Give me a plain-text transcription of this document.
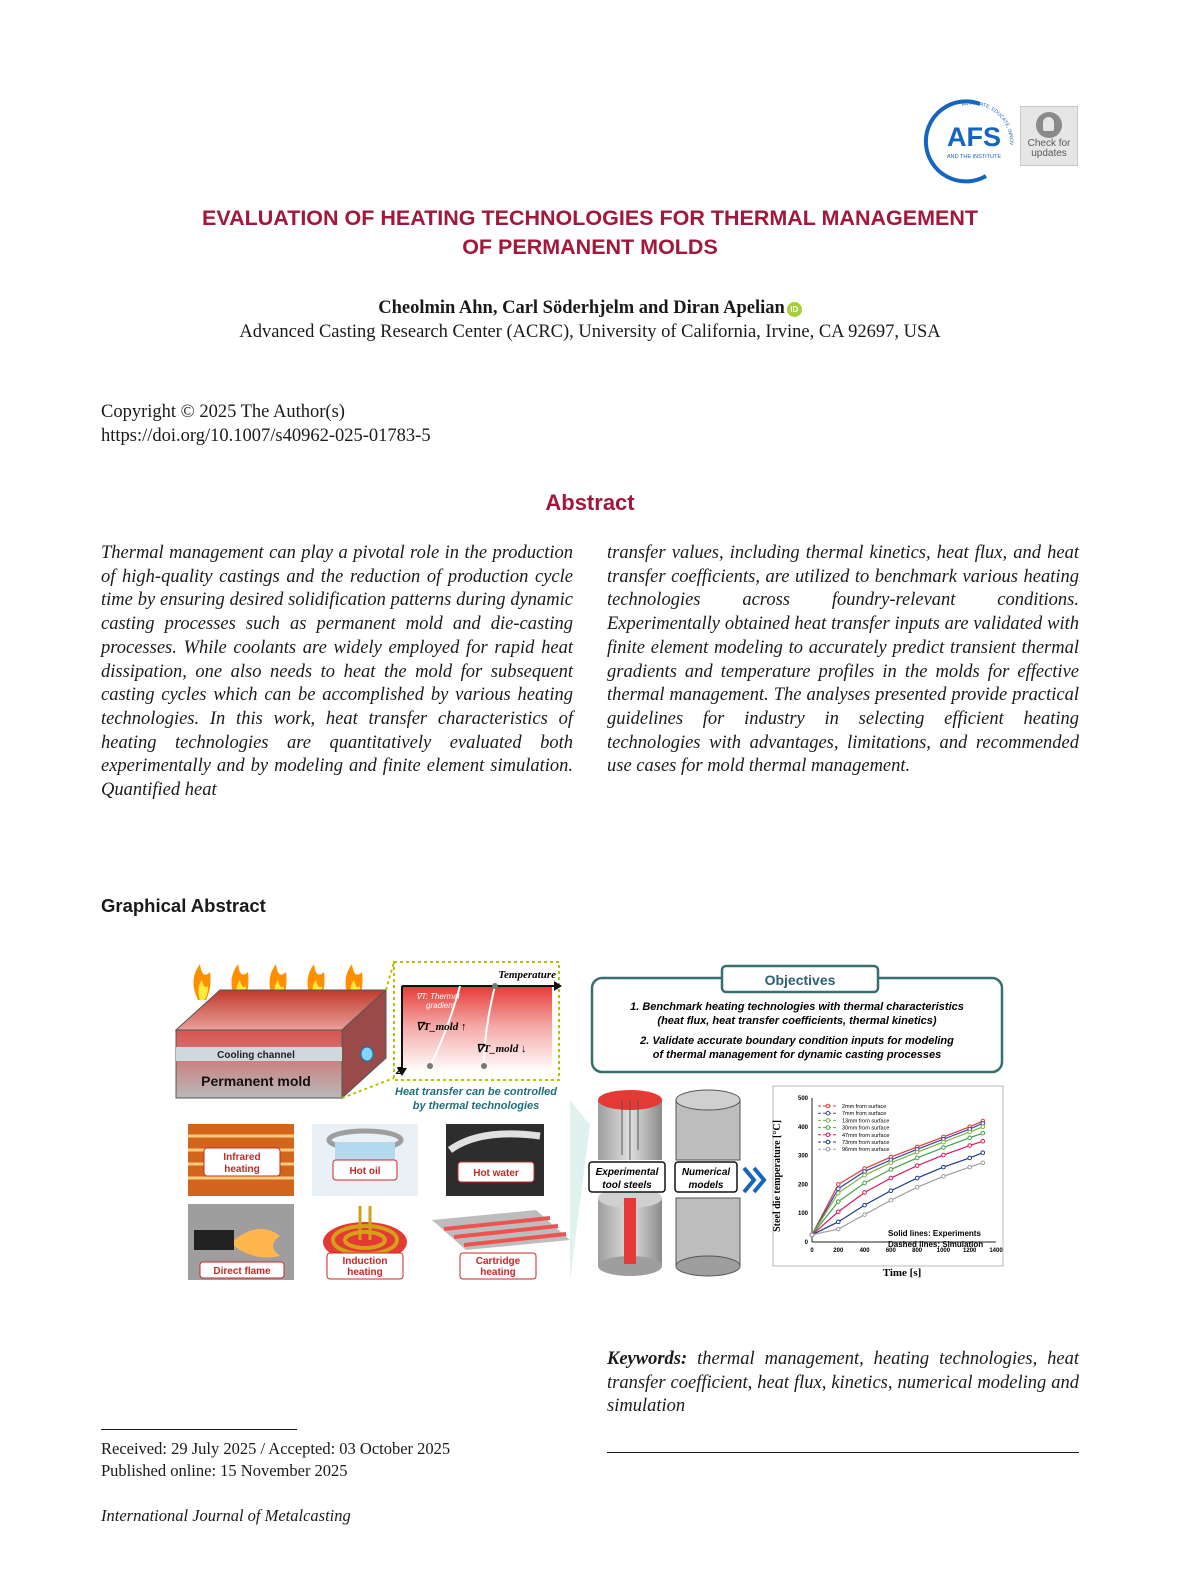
AFS
AND THE INSTITUTE
ADVOCATE, EDUCATE, INNOV	Check for
updates
EVALUATION OF HEATING TECHNOLOGIES FOR THERMAL MANAGEMENT
OF PERMANENT MOLDS
Cheolmin Ahn, Carl Söderhjelm and Diran Apelian iD
Advanced Casting Research Center (ACRC), University of California, Irvine, CA 92697, USA
Copyright © 2025 The Author(s)
https://doi.org/10.1007/s40962-025-01783-5
Abstract
Thermal management can play a pivotal role in the production of high-quality castings and the reduction of production cycle time by ensuring desired solidification patterns during dynamic casting processes such as permanent mold and die-casting processes. While coolants are widely employed for rapid heat dissipation, one also needs to heat the mold for subsequent casting cycles which can be accomplished by various heating technologies. In this work, heat transfer characteristics of heating technologies are quantitatively evaluated both experimentally and by modeling and finite element simulation. Quantified heat
transfer values, including thermal kinetics, heat flux, and heat transfer coefficients, are utilized to benchmark various heating technologies across foundry-relevant conditions. Experimentally obtained heat transfer inputs are validated with finite element modeling to accurately predict transient thermal gradients and temperature profiles in the molds for effective thermal management. The analyses presented provide practical guidelines for industry in selecting efficient heating technologies with advantages, limitations, and recommended use cases for mold thermal management.
Graphical Abstract
Cooling channel
Permanent mold
Temperature
Z
∇T: Thermal
gradient
∇T_mold ↑
∇T_mold ↓
Heat transfer can be controlled
by thermal technologies
Infrared
heating	Hot oil	Hot water
Direct flame
Induction
heating
Cartridge
heating
Objectives
1. Benchmark heating technologies with thermal characteristics
(heat flux, heat transfer coefficients, thermal kinetics)
2. Validate accurate boundary condition inputs for modeling
of thermal management for dynamic casting processes
Experimental
tool steels
Numerical
models	Steel die temperature [°C]
Time [s]
Solid lines: Experiments
Dashed lines: Simulation
0	200	400	600	800 1000 1200 1400
0
100
200
300
400
500
2mm from surface
7mm from surface
13mm from surface
30mm from surface
47mm from surface
73mm from surface
96mm from surface
Keywords: thermal management, heating technologies, heat transfer coefficient, heat flux, kinetics, numerical modeling and simulation
Received: 29 July 2025 / Accepted: 03 October 2025
Published online: 15 November 2025
International Journal of Metalcasting
